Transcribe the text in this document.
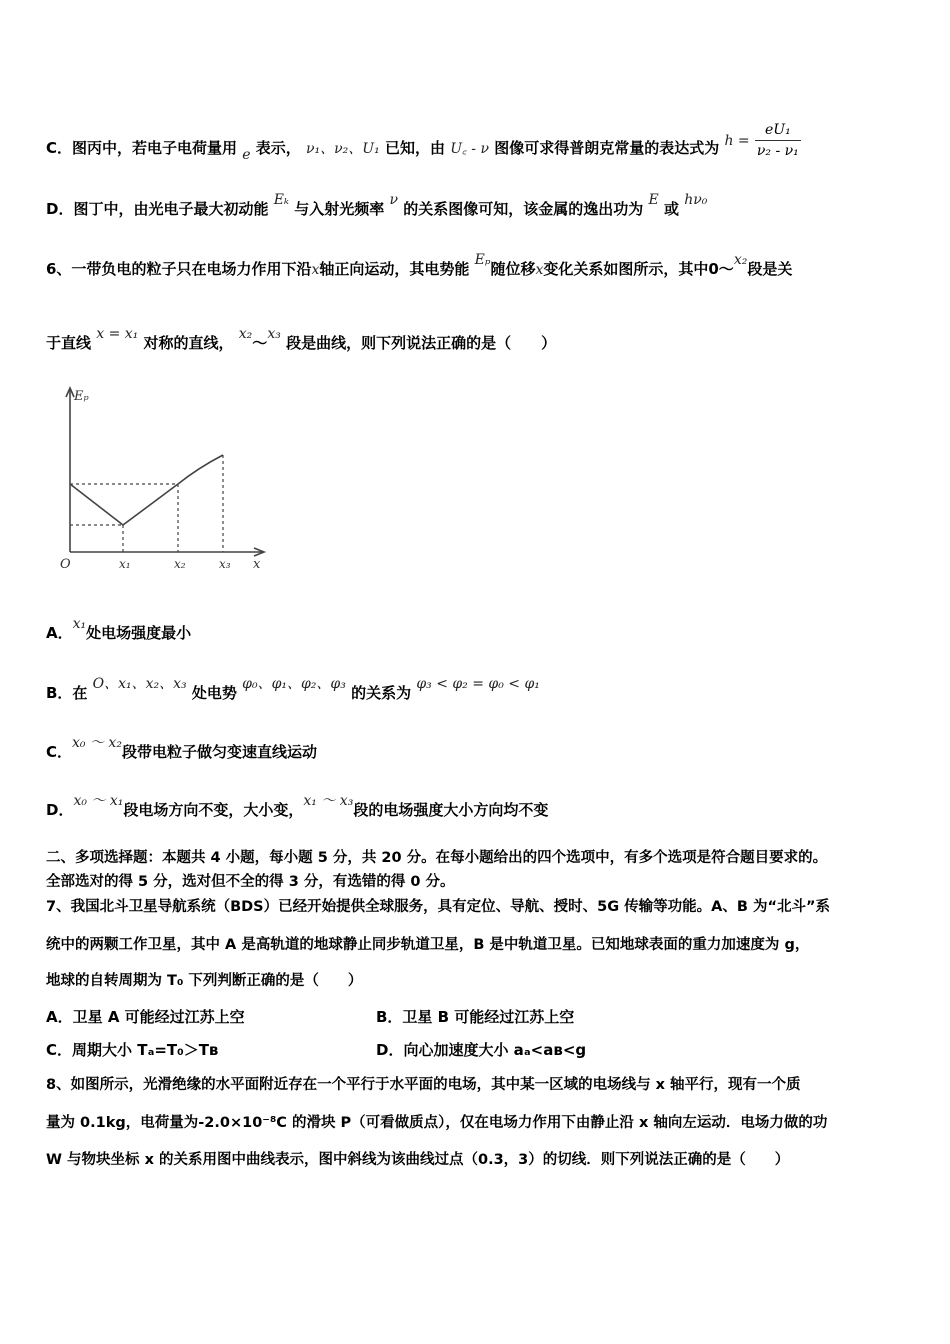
C．图丙中，若电子电荷量用 e 表示， ν₁、ν₂、U₁ 已知，由 U꜀ - ν 图像可求得普朗克常量的表达式为 $h = \frac{\text{eU₁}}{\text{ν₂ - ν₁}}$
D．图丁中，由光电子最大初动能 Eₖ 与入射光频率 ν 的关系图像可知，该金属的逸出功为 E 或 hν₀
6、一带负电的粒子只在电场力作用下沿x轴正向运动，其电势能 Eₚ随位移x变化关系如图所示，其中0～x₂段是关
于直线 x = x₁ 对称的直线， x₂～x₃ 段是曲线，则下列说法正确的是（　　）
Eₚ
O	x₁	x₂	x₃ x
A．x₁处电场强度最小
B．在 O、x₁、x₂、x₃ 处电势 φ₀、φ₁、φ₂、φ₃ 的关系为 φ₃ < φ₂ = φ₀ < φ₁
C．x₀ ～ x₂段带电粒子做匀变速直线运动
D．x₀ ～ x₁段电场方向不变，大小变，x₁ ～ x₃段的电场强度大小方向均不变
二、多项选择题：本题共 4 小题，每小题 5 分，共 20 分。在每小题给出的四个选项中，有多个选项是符合题目要求的。
全部选对的得 5 分，选对但不全的得 3 分，有选错的得 0 分。
7、我国北斗卫星导航系统（BDS）已经开始提供全球服务，具有定位、导航、授时、5G 传输等功能。A、B 为“北斗”系
统中的两颗工作卫星，其中 A 是高轨道的地球静止同步轨道卫星，B 是中轨道卫星。已知地球表面的重力加速度为 g，
地球的自转周期为 T₀ 下列判断正确的是（　　）
A．卫星 A 可能经过江苏上空	B．卫星 B 可能经过江苏上空
C．周期大小 Tₐ=T₀＞Tʙ	D．向心加速度大小 aₐ<aʙ<g
8、如图所示，光滑绝缘的水平面附近存在一个平行于水平面的电场，其中某一区域的电场线与 x 轴平行，现有一个质
量为 0.1kg，电荷量为-2.0×10⁻⁸C 的滑块 P（可看做质点），仅在电场力作用下由静止沿 x 轴向左运动．电场力做的功
W 与物块坐标 x 的关系用图中曲线表示，图中斜线为该曲线过点（0.3，3）的切线．则下列说法正确的是（　　）
